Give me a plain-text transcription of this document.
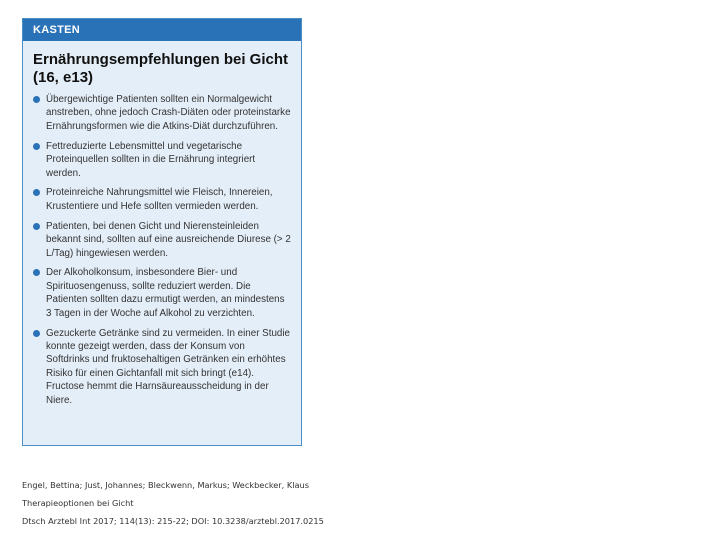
KASTEN
Ernährungsempfehlungen bei Gicht (16, e13)
Übergewichtige Patienten sollten ein Normalgewicht anstreben, ohne jedoch Crash-Diäten oder proteinstarke Ernährungsformen wie die Atkins-Diät durchzuführen.
Fettreduzierte Lebensmittel und vegetarische Proteinquellen sollten in die Ernährung integriert werden.
Proteinreiche Nahrungsmittel wie Fleisch, Innereien, Krustentiere und Hefe sollten vermieden werden.
Patienten, bei denen Gicht und Nierensteinleiden bekannt sind, sollten auf eine ausreichende Diurese (> 2 L/Tag) hingewiesen werden.
Der Alkoholkonsum, insbesondere Bier- und Spirituosengenuss, sollte reduziert werden. Die Patienten sollten dazu ermutigt werden, an mindestens 3 Tagen in der Woche auf Alkohol zu verzichten.
Gezuckerte Getränke sind zu vermeiden. In einer Studie konnte gezeigt werden, dass der Konsum von Softdrinks und fruktosehaltigen Getränken ein erhöhtes Risiko für einen Gichtanfall mit sich bringt (e14). Fructose hemmt die Harnsäureausscheidung in der Niere.
Engel, Bettina; Just, Johannes; Bleckwenn, Markus; Weckbecker, Klaus
Therapieoptionen bei Gicht
Dtsch Arztebl Int 2017; 114(13): 215-22; DOI: 10.3238/arztebl.2017.0215
